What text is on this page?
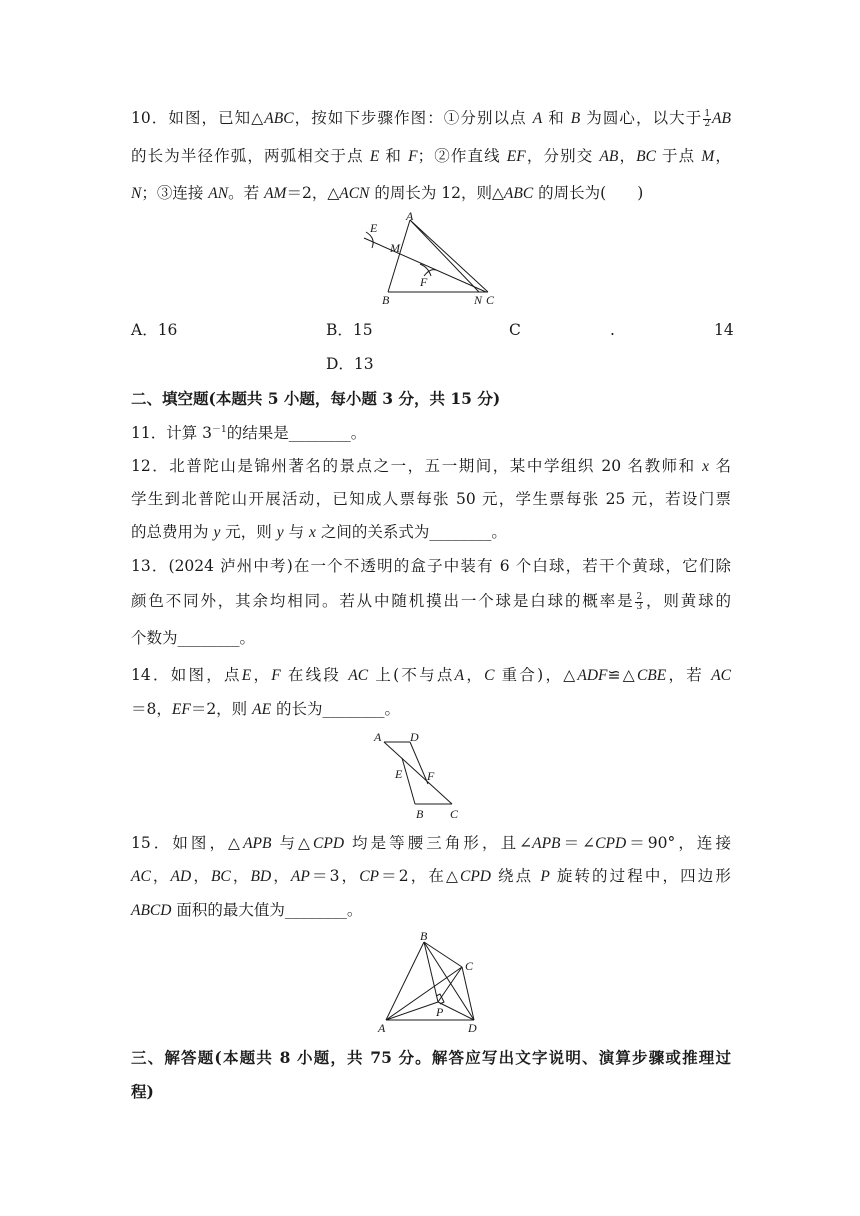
10．如图，已知△ABC，按如下步骤作图：①分别以点 A 和 B 为圆心，以大于 $\frac{1}{2}$ AB
的长为半径作弧，两弧相交于点 E 和 F；②作直线 EF，分别交 AB，BC 于点 M，
N；③连接 AN。若 AM＝2，△ACN 的周长为 12，则△ABC 的周长为(　　)
E
M
A
F
B	N C
A．16	B．15	C	.	14
D．13
二、填空题(本题共 5 小题，每小题 3 分，共 15 分)
11．计算 $3^{-1}$的结果是________。
12．北普陀山是锦州著名的景点之一，五一期间，某中学组织 20 名教师和 x 名
学生到北普陀山开展活动，已知成人票每张 50 元，学生票每张 25 元，若设门票
的总费用为 y 元，则 y 与 x 之间的关系式为________。
13．(2024 泸州中考)在一个不透明的盒子中装有 6 个白球，若干个黄球，它们除
颜色不同外，其余均相同。若从中随机摸出一个球是白球的概率是 $\frac{2}{3}$ ，则黄球的
个数为________。
14．如图，点E，F 在线段 AC 上(不与点A，C 重合)，△ADF≌△CBE，若 AC
＝8，EF＝2，则 AE 的长为________。
A D
E F
B C
15．如图，△APB 与△CPD 均是等腰三角形，且∠APB＝∠CPD＝90°，连接
AC，AD，BC，BD，AP＝3，CP＝2，在△CPD 绕点 P 旋转的过程中，四边形
ABCD 面积的最大值为________。
B
C
P
A	D
三、解答题(本题共 8 小题，共 75 分。解答应写出文字说明、演算步骤或推理过
程)
